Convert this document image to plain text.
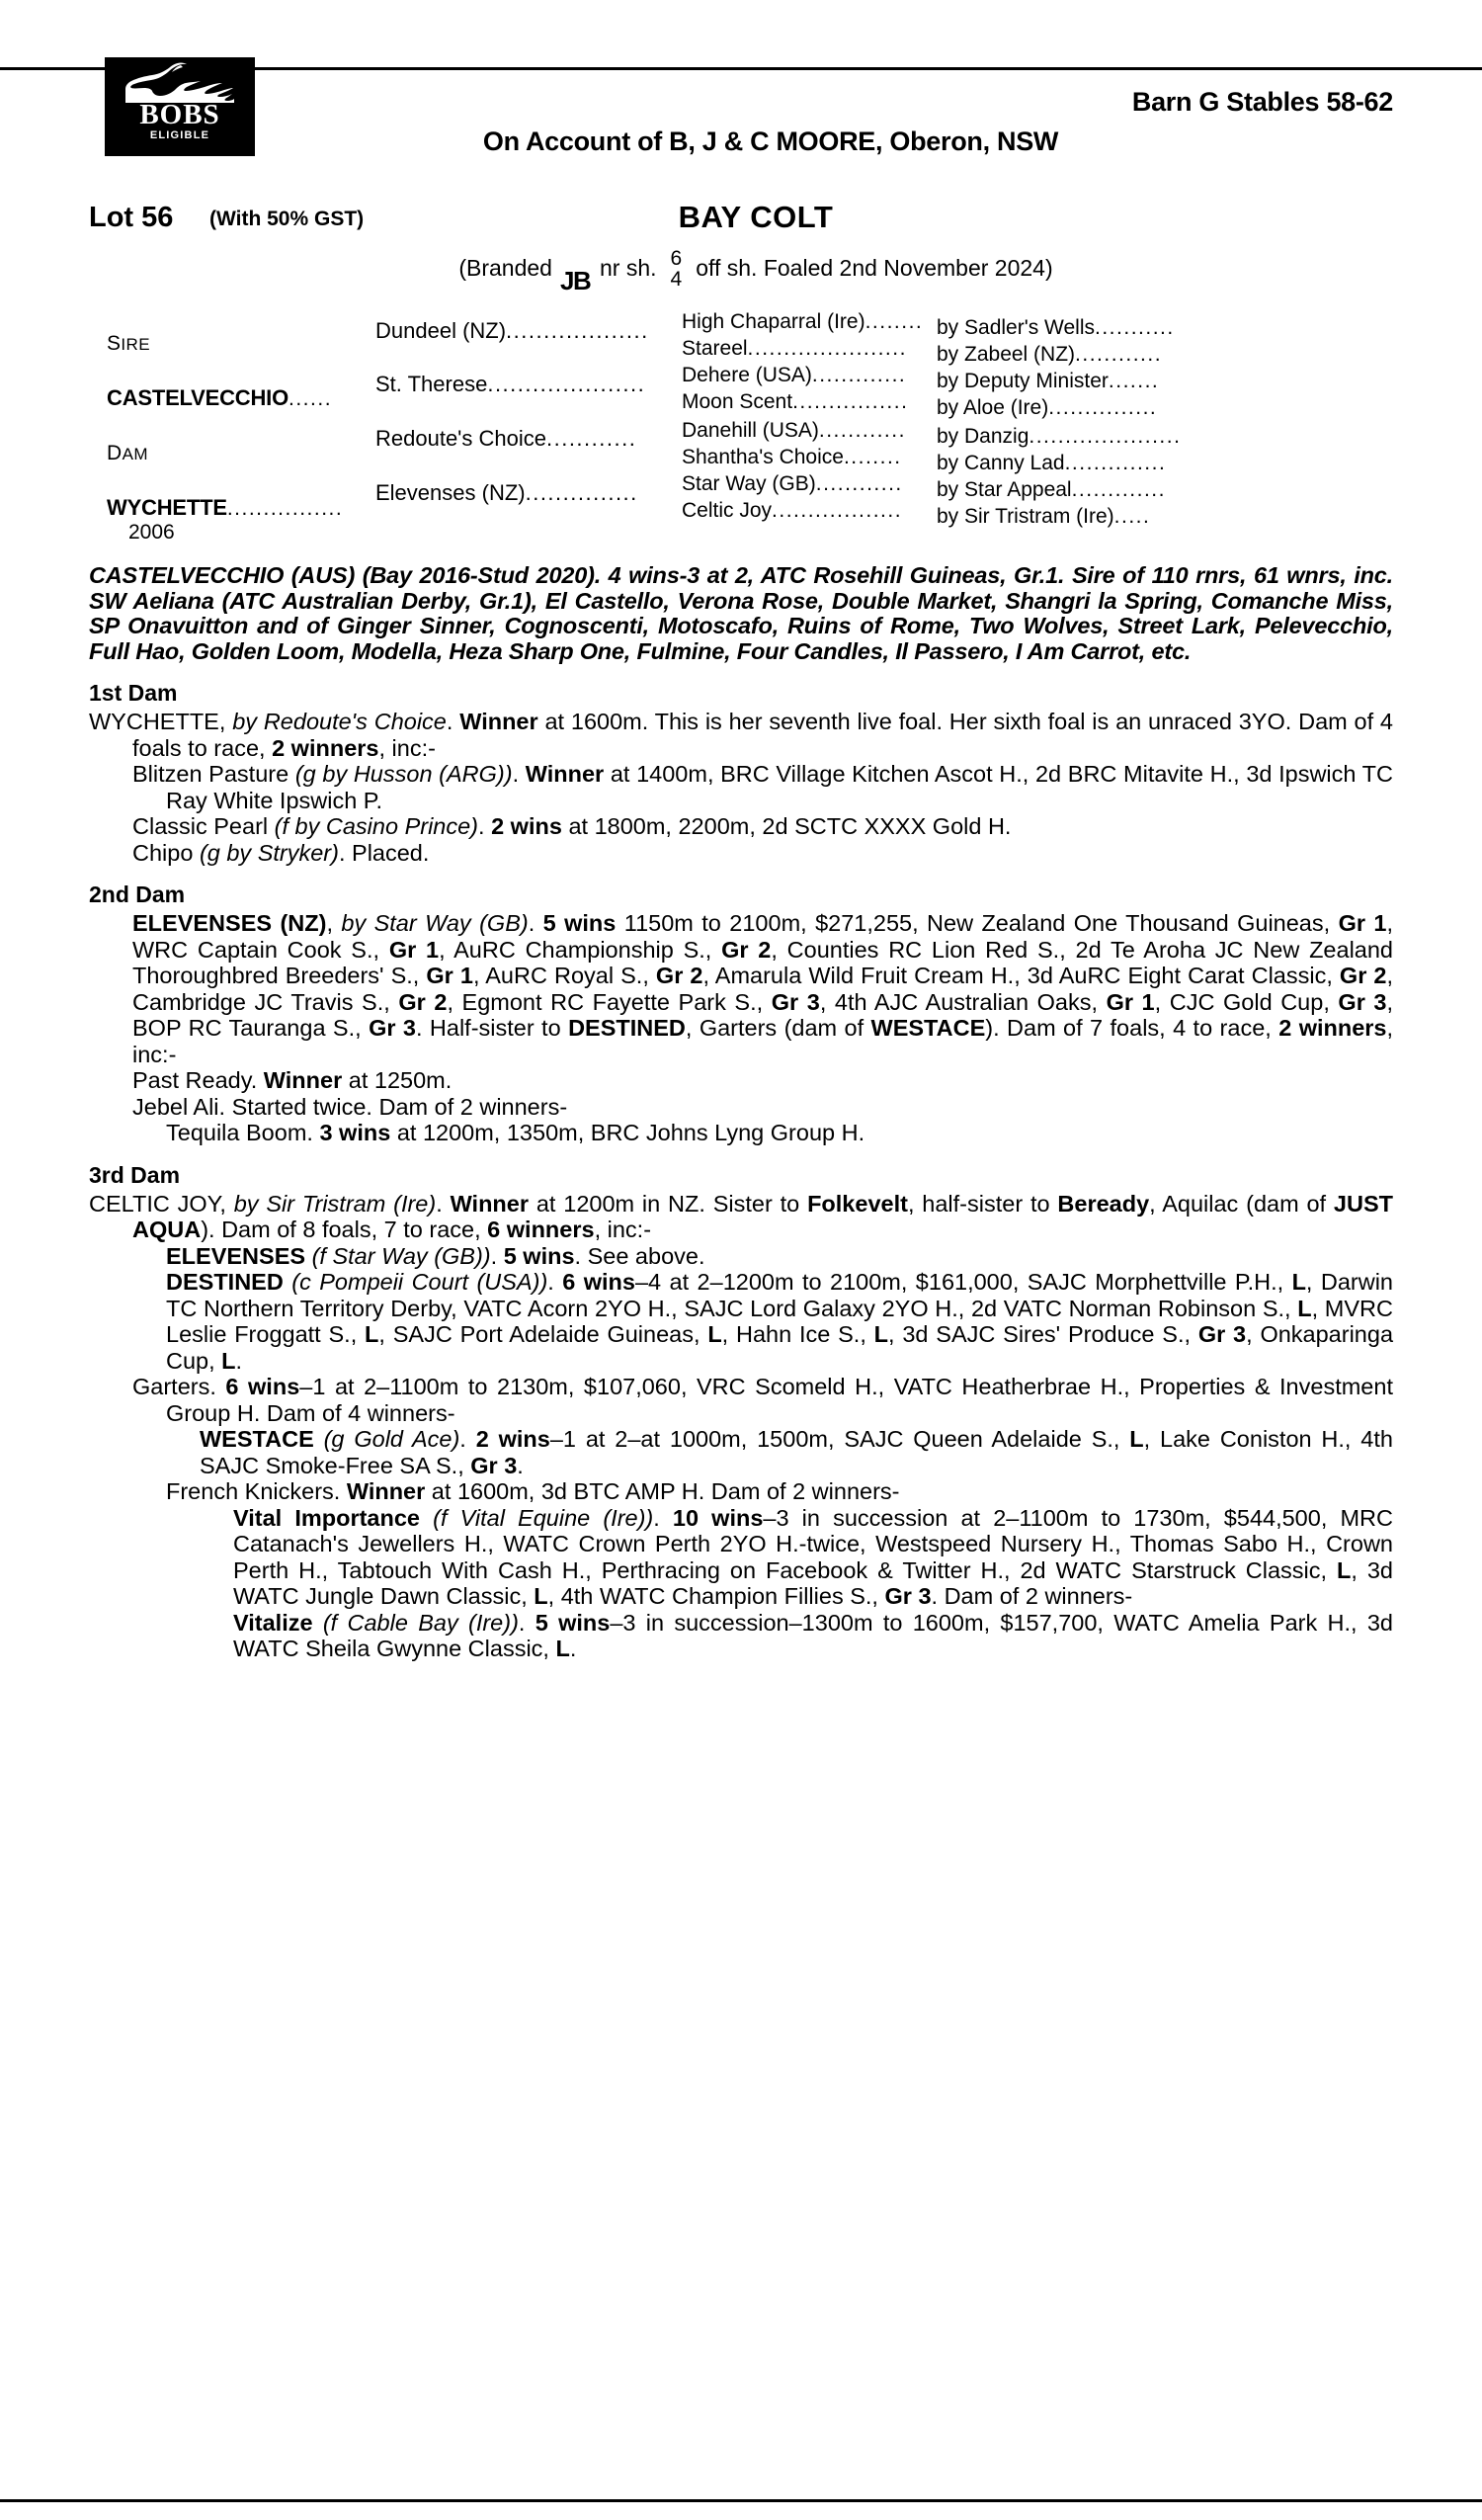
BOBS
ELIGIBLE
Barn G Stables 58-62
On Account of B, J & C MOORE, Oberon, NSW
Lot 56 (With 50% GST)	BAY COLT
(Branded J
B nr sh. 6
4 off sh. Foaled 2nd November 2024)
SIRE
CASTELVECCHIO......
DAM
WYCHETTE................
2006
Dundeel (NZ)...................
St. Therese.....................
Redoute's Choice............
Elevenses (NZ)...............
High Chaparral (Ire)........ by Sadler's Wells...........
Stareel...................... by Zabeel (NZ)............
Dehere (USA)............. by Deputy Minister.......
Moon Scent................ by Aloe (Ire)...............
Danehill (USA)............ by Danzig.....................
Shantha's Choice........ by Canny Lad..............
Star Way (GB)............ by Star Appeal.............
Celtic Joy.................. by Sir Tristram (Ire).....
CASTELVECCHIO (AUS) (Bay 2016-Stud 2020). 4 wins-3 at 2, ATC Rosehill Guineas, Gr.1. Sire of 110 rnrs, 61 wnrs, inc. SW Aeliana (ATC Australian Derby, Gr.1), El Castello, Verona Rose, Double Market, Shangri la Spring, Comanche Miss, SP Onavuitton and of Ginger Sinner, Cognoscenti, Motoscafo, Ruins of Rome, Two Wolves, Street Lark, Pelevecchio, Full Hao, Golden Loom, Modella, Heza Sharp One, Fulmine, Four Candles, Il Passero, I Am Carrot, etc.
1st Dam

WYCHETTE, by Redoute's Choice. Winner at 1600m. This is her seventh live foal. Her sixth foal is an unraced 3YO. Dam of 4 foals to race, 2 winners, inc:-

Blitzen Pasture (g by Husson (ARG)). Winner at 1400m, BRC Village Kitchen Ascot H., 2d BRC Mitavite H., 3d Ipswich TC Ray White Ipswich P.

Classic Pearl (f by Casino Prince). 2 wins at 1800m, 2200m, 2d SCTC XXXX Gold H.

Chipo (g by Stryker). Placed.

2nd Dam

ELEVENSES (NZ), by Star Way (GB). 5 wins 1150m to 2100m, $271,255, New Zealand One Thousand Guineas, Gr 1, WRC Captain Cook S., Gr 1, AuRC Championship S., Gr 2, Counties RC Lion Red S., 2d Te Aroha JC New Zealand Thoroughbred Breeders' S., Gr 1, AuRC Royal S., Gr 2, Amarula Wild Fruit Cream H., 3d AuRC Eight Carat Classic, Gr 2, Cambridge JC Travis S., Gr 2, Egmont RC Fayette Park S., Gr 3, 4th AJC Australian Oaks, Gr 1, CJC Gold Cup, Gr 3, BOP RC Tauranga S., Gr 3. Half-sister to DESTINED, Garters (dam of WESTACE). Dam of 7 foals, 4 to race, 2 winners, inc:-

Past Ready. Winner at 1250m.

Jebel Ali. Started twice. Dam of 2 winners-

Tequila Boom. 3 wins at 1200m, 1350m, BRC Johns Lyng Group H.

3rd Dam

CELTIC JOY, by Sir Tristram (Ire). Winner at 1200m in NZ. Sister to Folkevelt, half-sister to Beready, Aquilac (dam of JUST AQUA). Dam of 8 foals, 7 to race, 6 winners, inc:-

ELEVENSES (f Star Way (GB)). 5 wins. See above.

DESTINED (c Pompeii Court (USA)). 6 wins–4 at 2–1200m to 2100m, $161,000, SAJC Morphettville P.H., L, Darwin TC Northern Territory Derby, VATC Acorn 2YO H., SAJC Lord Galaxy 2YO H., 2d VATC Norman Robinson S., L, MVRC Leslie Froggatt S., L, SAJC Port Adelaide Guineas, L, Hahn Ice S., L, 3d SAJC Sires' Produce S., Gr 3, Onkaparinga Cup, L.

Garters. 6 wins–1 at 2–1100m to 2130m, $107,060, VRC Scomeld H., VATC Heatherbrae H., Properties & Investment Group H. Dam of 4 winners-

WESTACE (g Gold Ace). 2 wins–1 at 2–at 1000m, 1500m, SAJC Queen Adelaide S., L, Lake Coniston H., 4th SAJC Smoke-Free SA S., Gr 3.

French Knickers. Winner at 1600m, 3d BTC AMP H. Dam of 2 winners-

Vital Importance (f Vital Equine (Ire)). 10 wins–3 in succession at 2–1100m to 1730m, $544,500, MRC Catanach's Jewellers H., WATC Crown Perth 2YO H.-twice, Westspeed Nursery H., Thomas Sabo H., Crown Perth H., Tabtouch With Cash H., Perthracing on Facebook & Twitter H., 2d WATC Starstruck Classic, L, 3d WATC Jungle Dawn Classic, L, 4th WATC Champion Fillies S., Gr 3. Dam of 2 winners-

Vitalize (f Cable Bay (Ire)). 5 wins–3 in succession–1300m to 1600m, $157,700, WATC Amelia Park H., 3d WATC Sheila Gwynne Classic, L.
